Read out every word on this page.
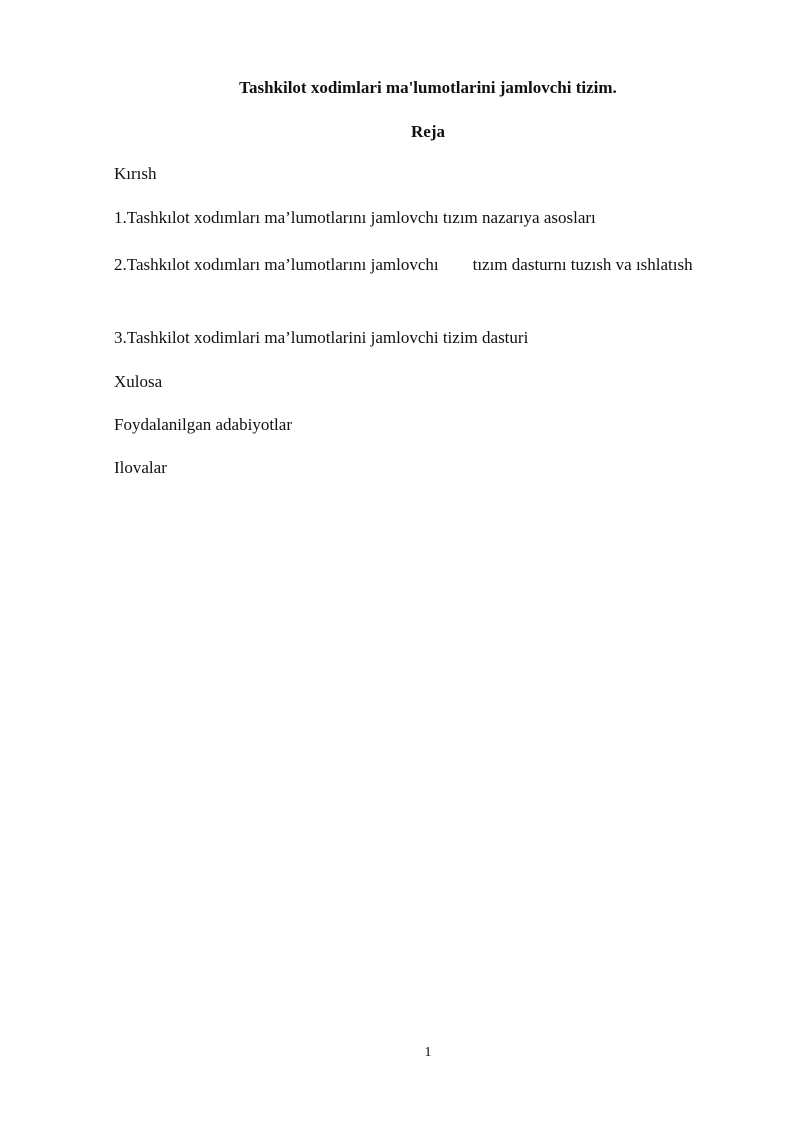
Tashkilot xodimlari ma'lumotlarini jamlovchi tizim.
Reja
Kırısh
1.Tashkılot xodımları ma’lumotlarını jamlovchı tızım nazarıya asosları
2.Tashkılot xodımları ma’lumotlarını jamlovchı tızım dasturnı tuzısh va ıshlatısh
3.Tashkilot xodimlari ma’lumotlarini jamlovchi tizim dasturi
Xulosa
Foydalanilgan adabiyotlar
Ilovalar
1
